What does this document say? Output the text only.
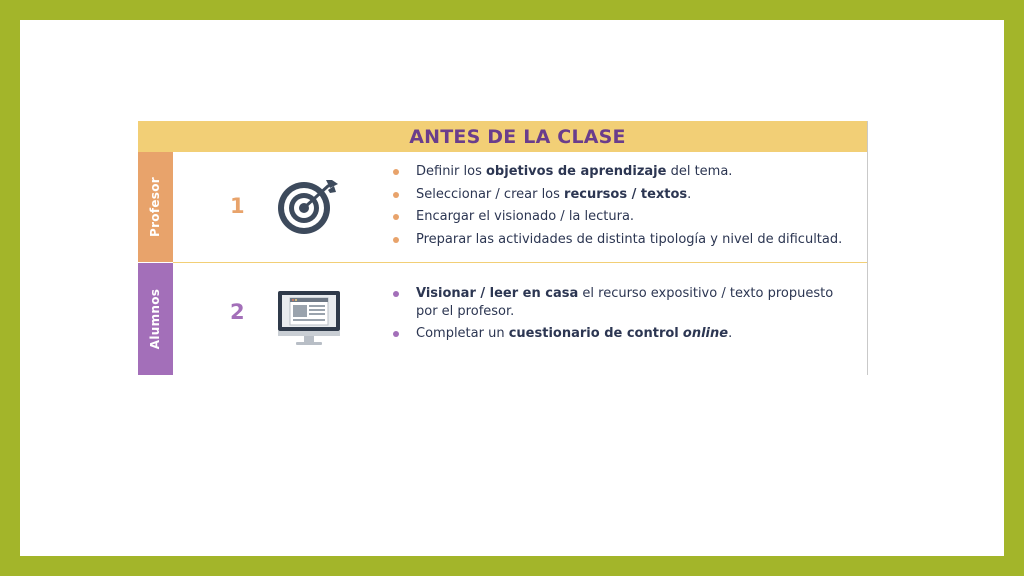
ANTES DE LA CLASE
Profesor	1
Definir los objetivos de aprendizaje del tema.
Seleccionar / crear los recursos / textos.
Encargar el visionado / la lectura.
Preparar las actividades de distinta tipología y nivel de dificultad.
Alumnos	2
Visionar / leer en casa el recurso expositivo / texto propuesto
por el profesor.
Completar un cuestionario de control online.
